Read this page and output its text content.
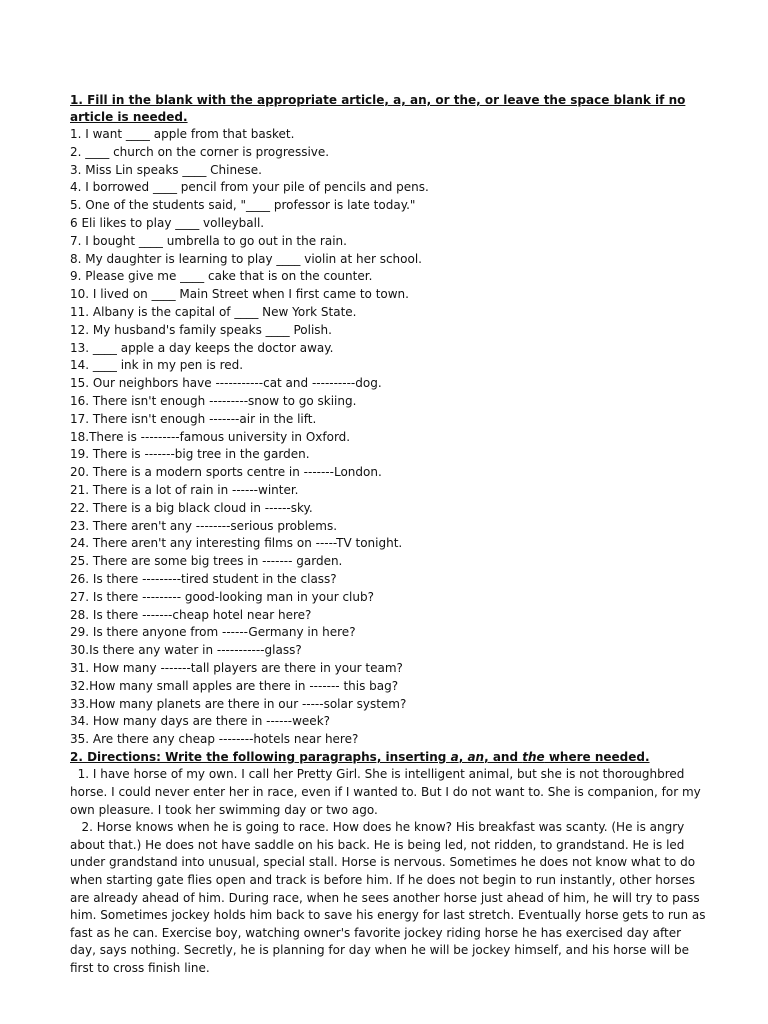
1. Fill in the blank with the appropriate article, a, an, or the, or leave the space blank if no article is needed.

1. I want ____ apple from that basket.
2. ____ church on the corner is progressive.
3. Miss Lin speaks ____ Chinese.
4. I borrowed ____ pencil from your pile of pencils and pens.
5. One of the students said, "____ professor is late today."
6 Eli likes to play ____ volleyball.
7. I bought ____ umbrella to go out in the rain.
8. My daughter is learning to play ____ violin at her school.
9. Please give me ____ cake that is on the counter.
10. I lived on ____ Main Street when I first came to town.
11. Albany is the capital of ____ New York State.
12. My husband's family speaks ____ Polish.
13. ____ apple a day keeps the doctor away.
14. ____ ink in my pen is red.
15. Our neighbors have -----------cat and ----------dog.
16. There isn't enough ---------snow to go skiing.
17. There isn't enough -------air in the lift.
18.There is ---------famous university in Oxford.
19. There is -------big tree in the garden.
20. There is a modern sports centre in -------London.
21. There is a lot of rain in ------winter.
22. There is a big black cloud in ------sky.
23. There aren't any --------serious problems.
24. There aren't any interesting films on -----TV tonight.
25. There are some big trees in ------- garden.
26. Is there ---------tired student in the class?
27. Is there --------- good-looking man in your club?
28. Is there -------cheap hotel near here?
29. Is there anyone from ------Germany in here?
30.Is there any water in -----------glass?
31. How many -------tall players are there in your team?
32.How many small apples are there in ------- this bag?
33.How many planets are there in our -----solar system?
34. How many days are there in ------week?
35. Are there any cheap --------hotels near here?

2. Directions: Write the following paragraphs, inserting a, an, and the where needed.

1. I have horse of my own. I call her Pretty Girl. She is intelligent animal, but she is not thoroughbred
horse. I could never enter her in race, even if I wanted to. But I do not want to. She is companion, for my
own pleasure. I took her swimming day or two ago.

2. Horse knows when he is going to race. How does he know? His breakfast was scanty. (He is angry
about that.) He does not have saddle on his back. He is being led, not ridden, to grandstand. He is led
under grandstand into unusual, special stall. Horse is nervous. Sometimes he does not know what to do
when starting gate flies open and track is before him. If he does not begin to run instantly, other horses
are already ahead of him. During race, when he sees another horse just ahead of him, he will try to pass
him. Sometimes jockey holds him back to save his energy for last stretch. Eventually horse gets to run as
fast as he can. Exercise boy, watching owner's favorite jockey riding horse he has exercised day after
day, says nothing. Secretly, he is planning for day when he will be jockey himself, and his horse will be
first to cross finish line.
